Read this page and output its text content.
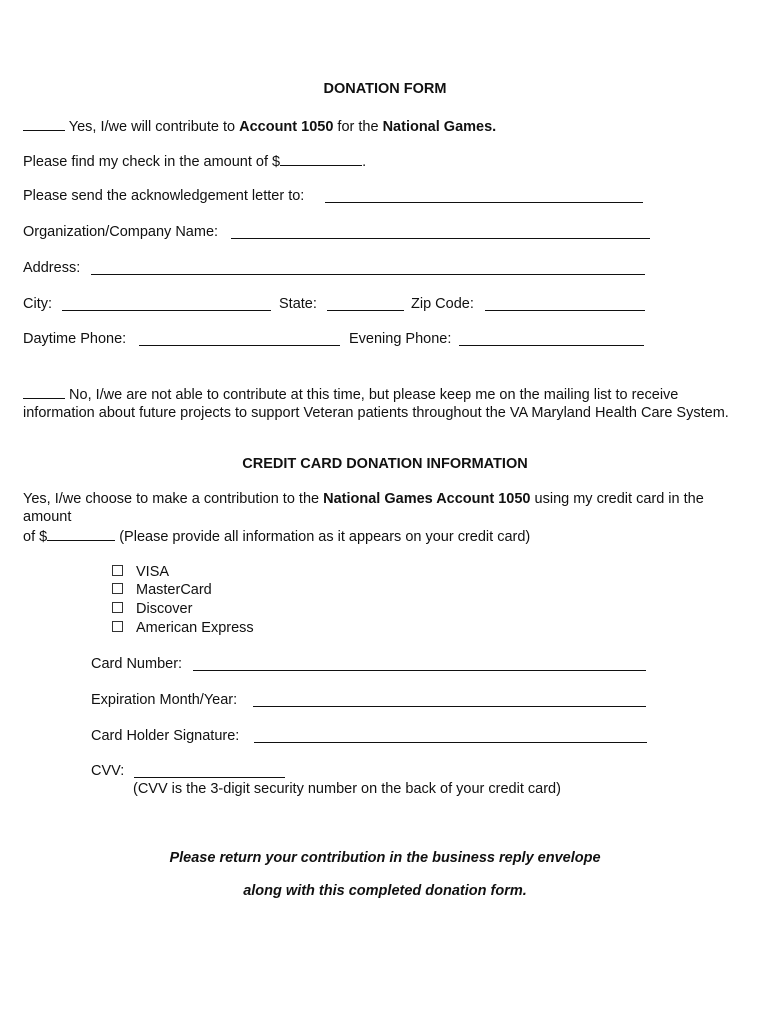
DONATION FORM
Yes, I/we will contribute to Account 1050 for the National Games.
Please find my check in the amount of $	.
Please send the acknowledgement letter to:
Organization/Company Name:
Address:
City:	State:	Zip Code:
Daytime Phone:	Evening Phone:
No, I/we are not able to contribute at this time, but please keep me on the mailing list to receive information about future projects to support Veteran patients throughout the VA Maryland Health Care System.
CREDIT CARD DONATION INFORMATION
Yes, I/we choose to make a contribution to the National Games Account 1050 using my credit card in the
amount
of $	(Please provide all information as it appears on your credit card)
VISA
MasterCard
Discover
American Express
Card Number:
Expiration Month/Year:
Card Holder Signature:
CVV:
(CVV is the 3-digit security number on the back of your credit card)
Please return your contribution in the business reply envelope
along with this completed donation form.
